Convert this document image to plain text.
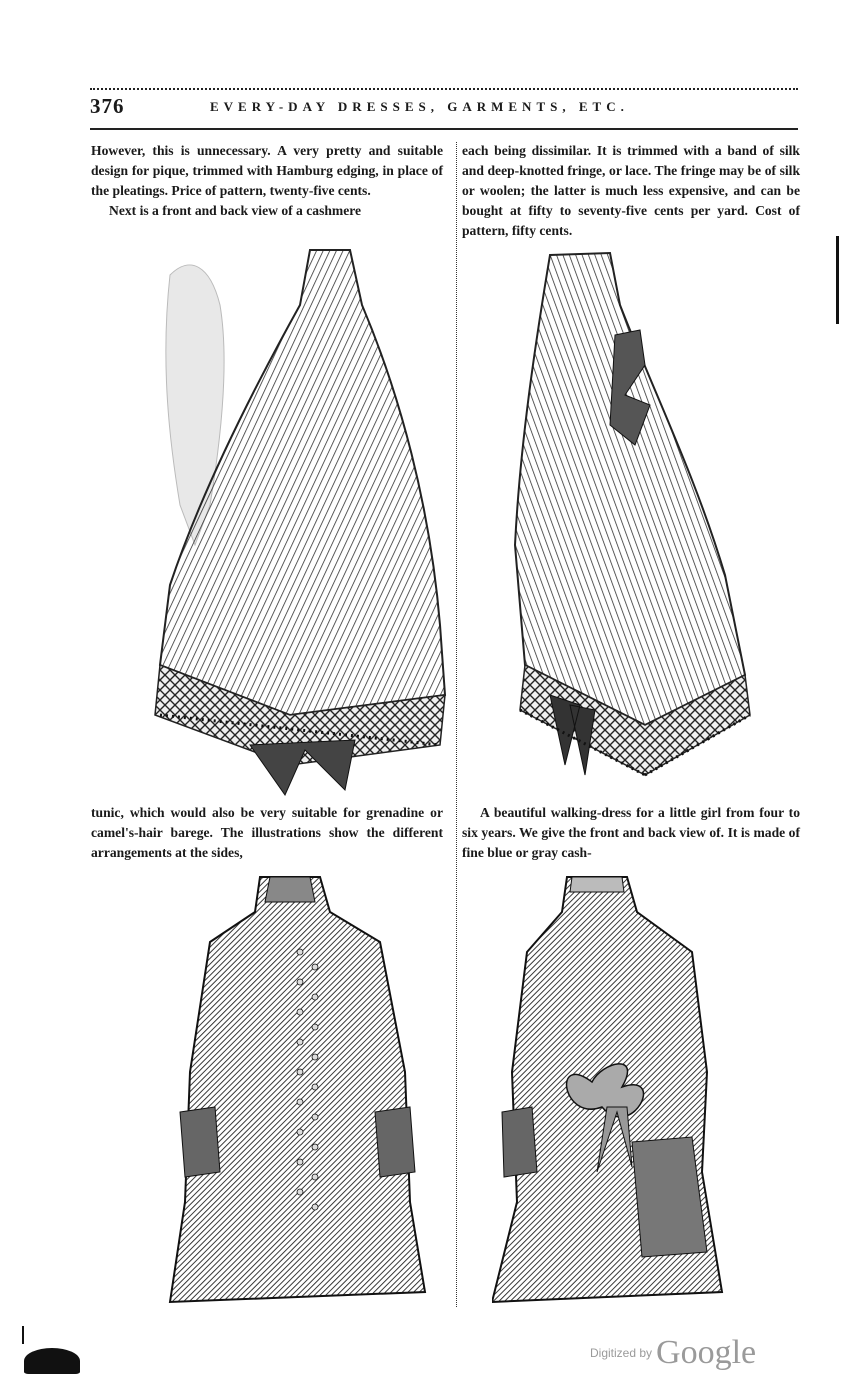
376	EVERY-DAY DRESSES, GARMENTS, ETC.

However, this is unnecessary. A very pretty and suitable design for pique, trimmed with Hamburg edging, in place of the pleatings. Price of pattern, twenty-five cents.

Next is a front and back view of a cashmere

each being dissimilar. It is trimmed with a band of silk and deep-knotted fringe, or lace. The fringe may be of silk or woolen; the latter is much less expensive, and can be bought at fifty to seventy-five cents per yard. Cost of pattern, fifty cents.

tunic, which would also be very suitable for grenadine or camel's-hair barege. The illustrations show the different arrangements at the sides,

A beautiful walking-dress for a little girl from four to six years. We give the front and back view of. It is made of fine blue or gray cash-

$^{Digitized by}$ Google
